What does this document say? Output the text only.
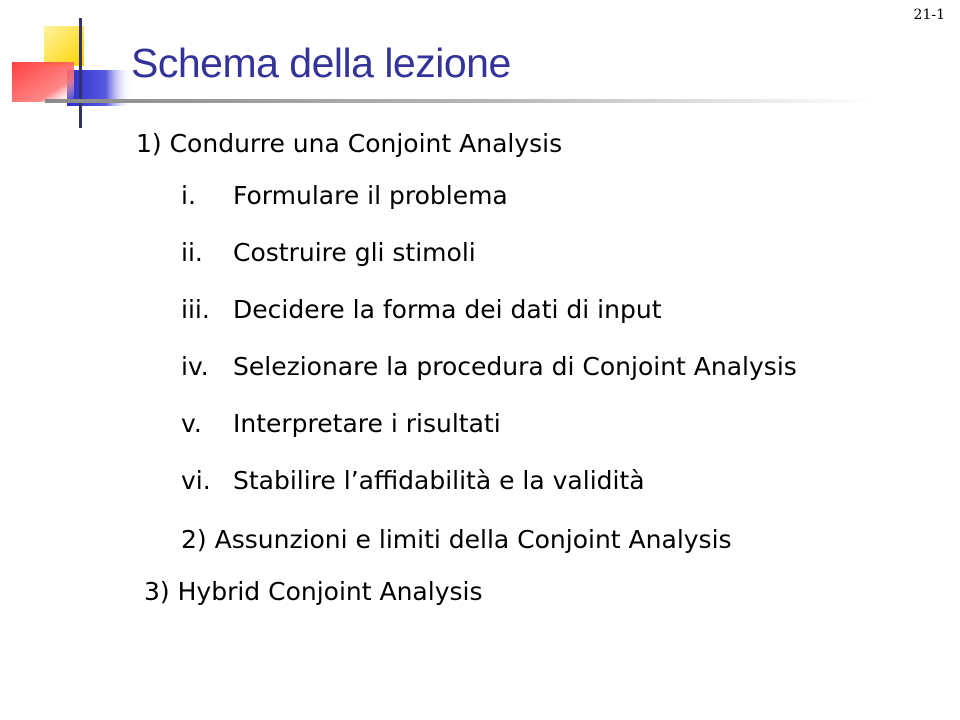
21-1
Schema della lezione
1) Condurre una Conjoint Analysis
i. Formulare il problema
ii. Costruire gli stimoli
iii. Decidere la forma dei dati di input
iv. Selezionare la procedura di Conjoint Analysis
v. Interpretare i risultati
vi. Stabilire l’affidabilità e la validità
2) Assunzioni e limiti della Conjoint Analysis
3) Hybrid Conjoint Analysis
